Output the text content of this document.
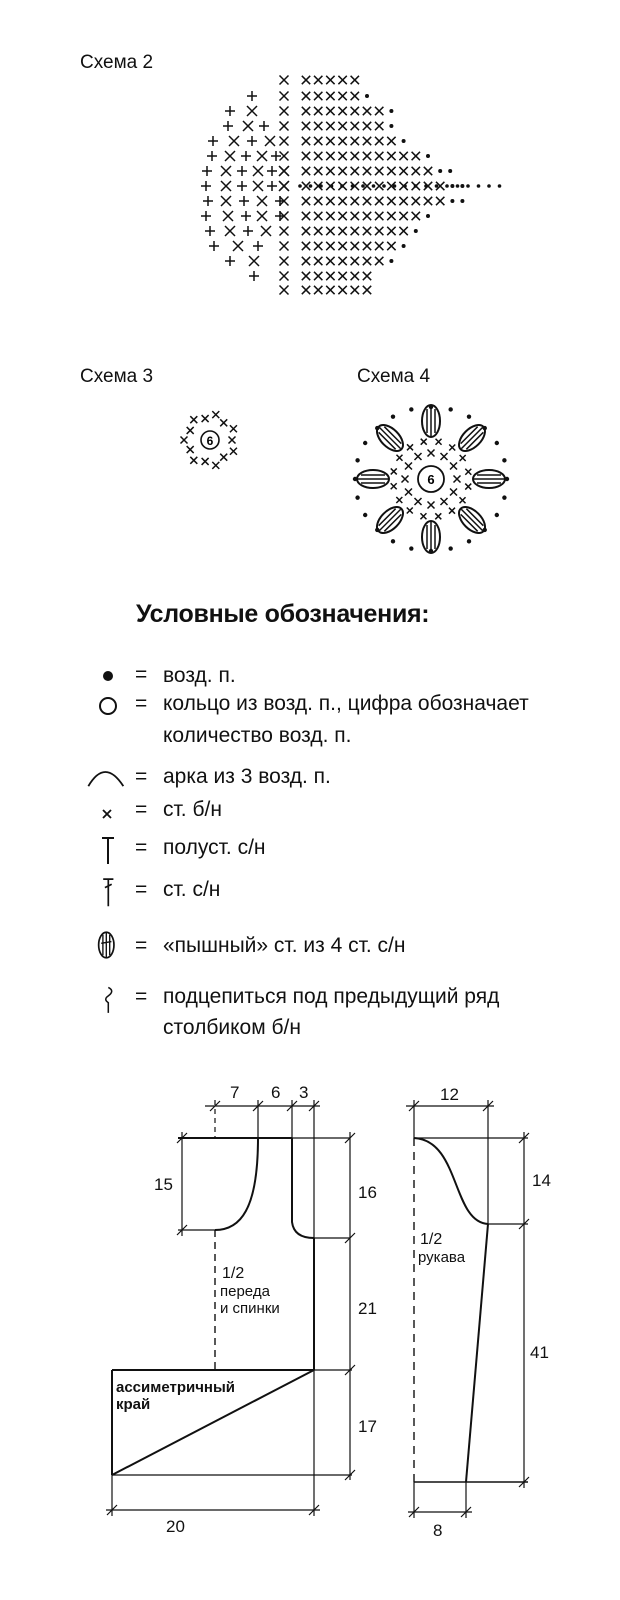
Схема 2
Схема 3	Схема 4
6
6
Условные обозначения:
= возд. п.
= кольцо из возд. п., цифра обозначает
количество возд. п.
= арка из 3 возд. п.
= ст. б/н
= полуст. с/н
= ст. с/н
= «пышный» ст. из 4 ст. с/н
= подцепиться под предыдущий ряд
столбиком б/н
7 6 3
15	16
21
17
20
1/2
переда
и спинки
ассиметричный
край
12
14
41
8
1/2
рукава
